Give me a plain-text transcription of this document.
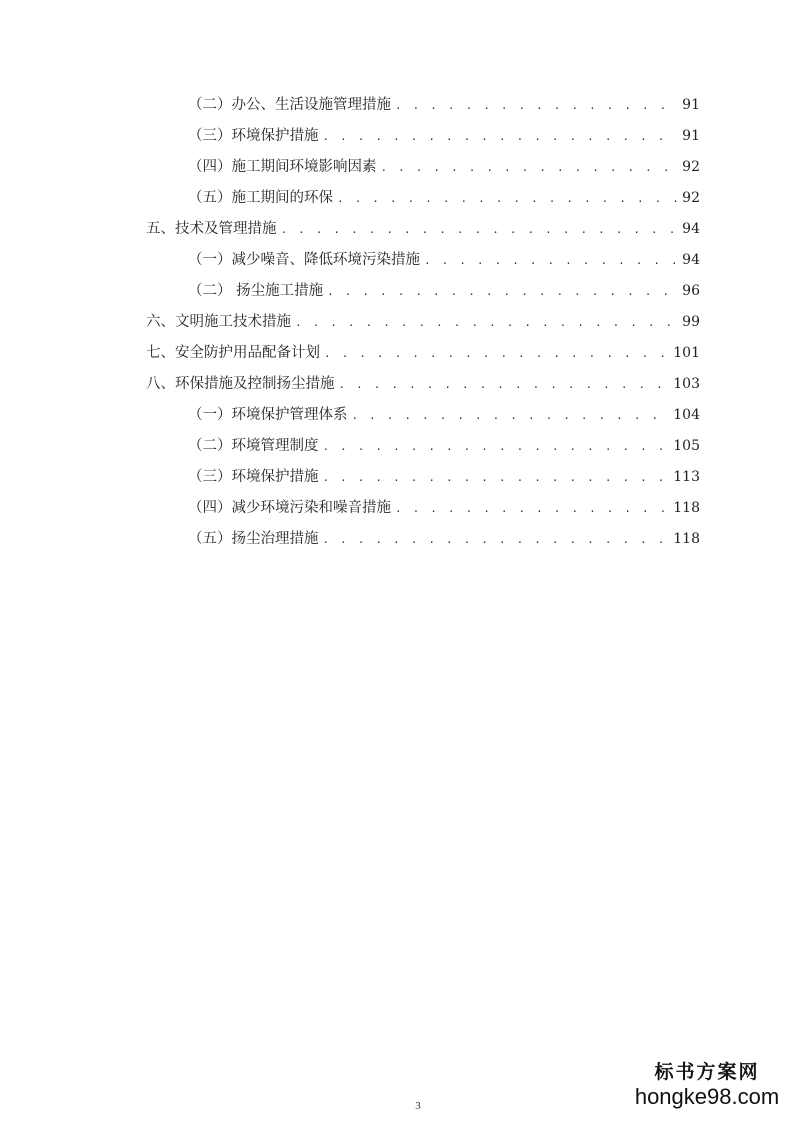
（二）办公、生活设施管理措施 . . .	91
（三）环境保护措施 . . .	91
（四）施工期间环境影响因素 . . .	92
（五）施工期间的环保 . . .	92
五、技术及管理措施 . . .	94
（一）减少噪音、降低环境污染措施 . . .	94
（二） 扬尘施工措施 . . .	96
六、文明施工技术措施 . . .	99
七、安全防护用品配备计划 . . .	101
八、环保措施及控制扬尘措施 . . .	103
（一）环境保护管理体系 . . .	104
（二）环境管理制度 . . .	105
（三）环境保护措施 . . .	113
（四）减少环境污染和噪音措施 . . .	118
（五）扬尘治理措施 . . .	118
3
标书方案网
hongke98.com
